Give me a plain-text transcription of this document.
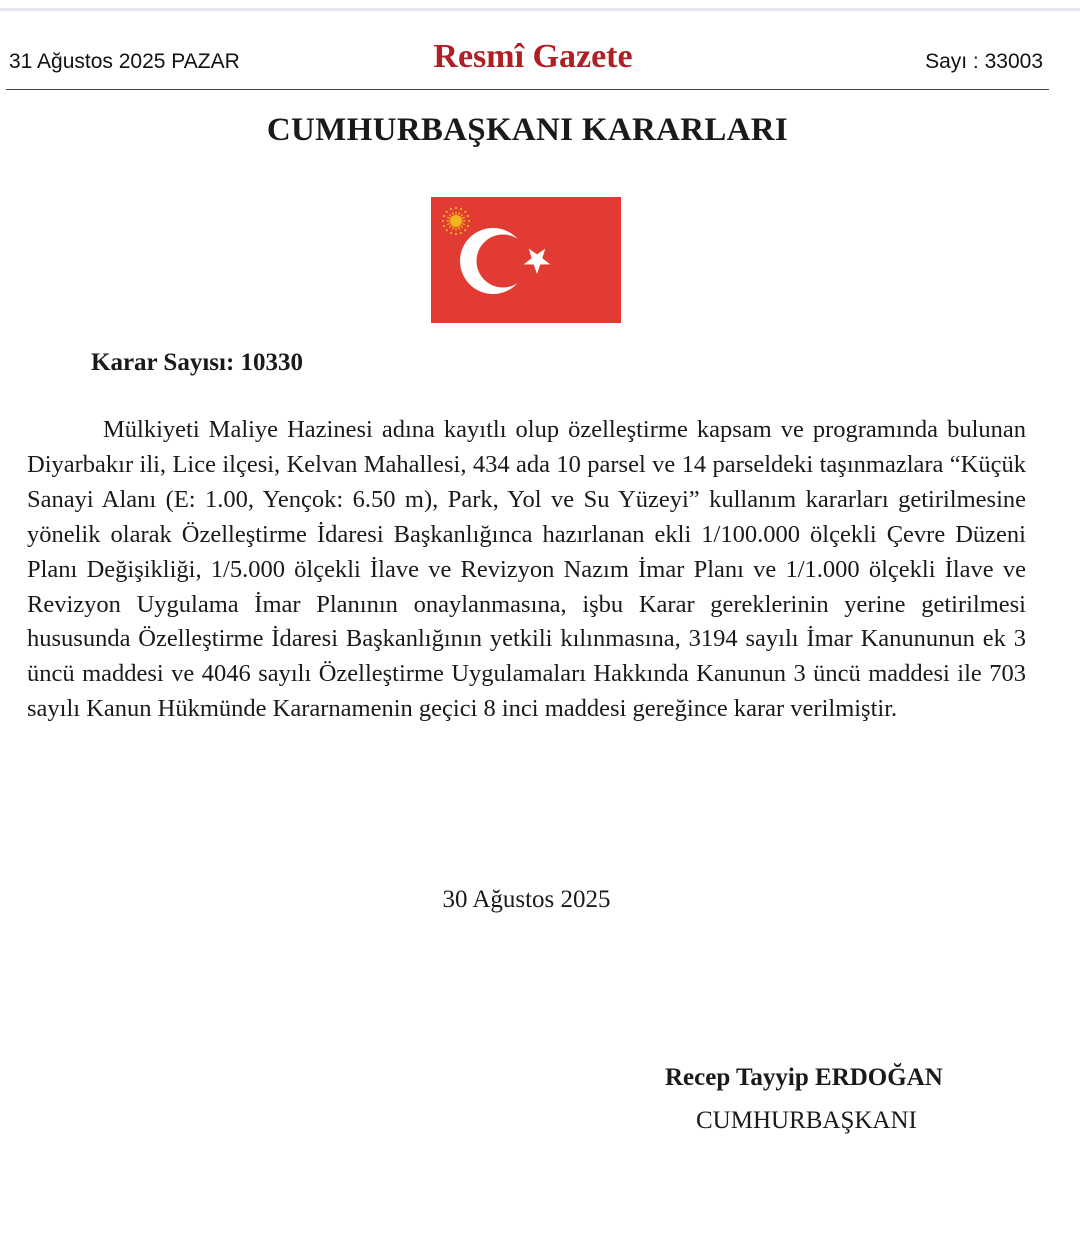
31 Ağustos 2025 PAZAR	Resmî Gazete	Sayı : 33003
CUMHURBAŞKANI KARARLARI
Karar Sayısı: 10330

Mülkiyeti Maliye Hazinesi adına kayıtlı olup özelleştirme kapsam ve programında bulunan Diyarbakır ili, Lice ilçesi, Kelvan Mahallesi, 434 ada 10 parsel ve 14 parseldeki taşınmazlara “Küçük Sanayi Alanı (E: 1.00, Yençok: 6.50 m), Park, Yol ve Su Yüzeyi” kullanım kararları getirilmesine yönelik olarak Özelleştirme İdaresi Başkanlığınca hazırlanan ekli 1/100.000 ölçekli Çevre Düzeni Planı Değişikliği, 1/5.000 ölçekli İlave ve Revizyon Nazım İmar Planı ve 1/1.000 ölçekli İlave ve Revizyon Uygulama İmar Planının onaylanmasına, işbu Karar gereklerinin yerine getirilmesi hususunda Özelleştirme İdaresi Başkanlığının yetkili kılınmasına, 3194 sayılı İmar Kanununun ek 3 üncü maddesi ve 4046 sayılı Özelleştirme Uygulamaları Hakkında Kanunun 3 üncü maddesi ile 703 sayılı Kanun Hükmünde Kararnamenin geçici 8 inci maddesi gereğince karar verilmiştir.

30 Ağustos 2025
Recep Tayyip ERDOĞAN
CUMHURBAŞKANI
